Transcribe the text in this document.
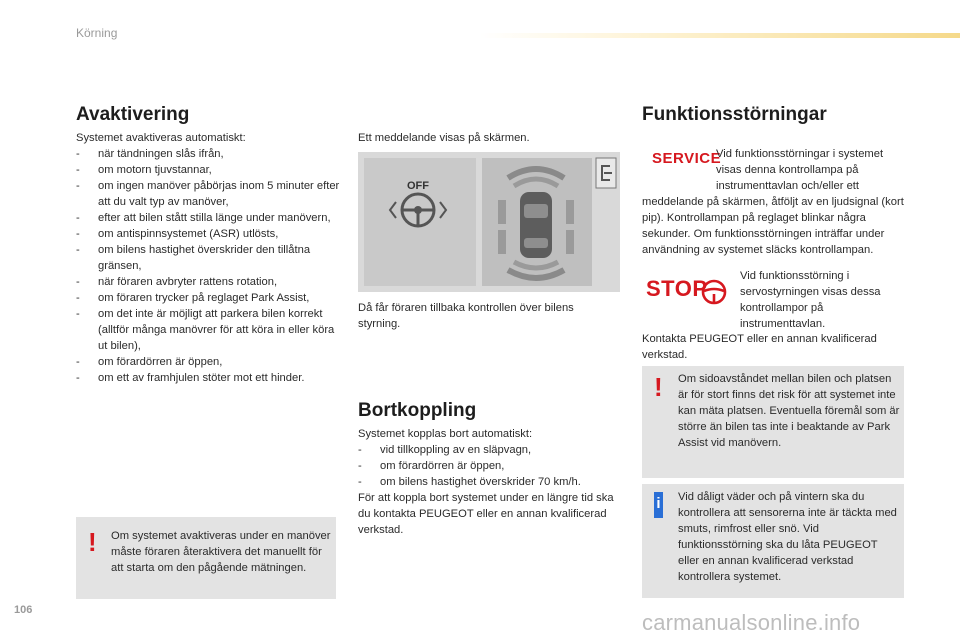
Körning
Avaktivering

Systemet avaktiveras automatiskt:

- när tändningen slås ifrån,
- om motorn tjuvstannar,
- om ingen manöver påbörjas inom 5 minuter efter att du valt typ av manöver,
- efter att bilen stått stilla länge under manövern,
- om antispinnsystemet (ASR) utlösts,
- om bilens hastighet överskrider den tillåtna gränsen,
- när föraren avbryter rattens rotation,
- om föraren trycker på reglaget Park Assist,
- om det inte är möjligt att parkera bilen korrekt (alltför många manövrer för att köra in eller köra ut bilen),
- om förardörren är öppen,
- om ett av framhjulen stöter mot ett hinder.
! Om systemet avaktiveras under en manöver måste föraren återaktivera det manuellt för att starta om den pågående mätningen.
Ett meddelande visas på skärmen.
OFF
Då får föraren tillbaka kontrollen över bilens styrning.
Bortkoppling

Systemet kopplas bort automatiskt:

- vid tillkoppling av en släpvagn,
- om förardörren är öppen,
- om bilens hastighet överskrider 70 km/h.

För att koppla bort systemet under en längre tid ska du kontakta PEUGEOT eller en annan kvalificerad verkstad.

Funktionsstörningar
SERVICE
Vid funktionsstörningar i systemet visas denna kontrollampa på instrumenttavlan och/eller ett meddelande på skärmen, åtföljt av en ljudsignal (kort pip). Kontrollampan på reglaget blinkar några sekunder. Om funktionsstörningen inträffar under användning av systemet släcks kontrollampan.
STOP	Vid funktionsstörning i servostyrningen visas dessa kontrollampor på instrumenttavlan.
Kontakta PEUGEOT eller en annan kvalificerad verkstad.
! Om sidoavståndet mellan bilen och platsen är för stort finns det risk för att systemet inte kan mäta platsen. Eventuella föremål som är större än bilen tas inte i beaktande av Park Assist vid manövern.
i Vid dåligt väder och på vintern ska du kontrollera att sensorerna inte är täckta med smuts, rimfrost eller snö. Vid funktionsstörning ska du låta PEUGEOT eller en annan kvalificerad verkstad kontrollera systemet.
106	carmanualsonline.info
